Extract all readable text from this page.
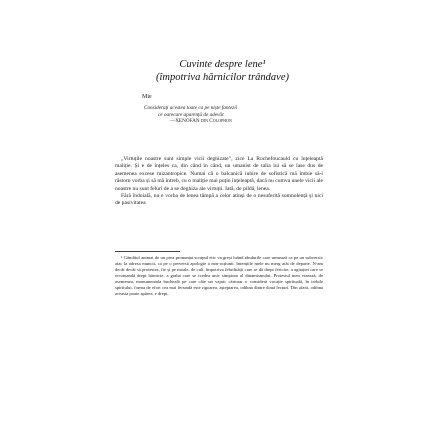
Cuvinte despre lene¹
(împotriva hărnicilor trândave)
Mie
Considerați acestea toate ca pe niște fantezii
ce oarecare aparență de adevăr.
—XENOFAN din Colophon

„Virtuțile noastre sunt simple vicii deghizate”, zice La Rochefoucauld cu înțeleaptă maliție. Și e de înțeles ca, din când în când, un umanist de talia lui să se lase dus de asemenea excese mizantropice. Numai că o balcanică iubire de sofistică mă îmbie să-i răstorn vorba și să mă întreb, cu o maliție mai puțin înțeleaptă, dacă nu cumva unele vicii ale noastre nu sunt feluri de a se deghiza ale virtuții. Iată, de pildă, lenea.

Fără îndoială, nu e vorba de lenea tâmpă a celor atinși de o nesuferită somnolență și nici de pasivitatea

¹ Gânditul animat de un prea pronunțat scrupul etic va greși luând rândurile care urmează ca pe un subversiv atac la adresa muncii, ca pe o perversă apologie a non-acțiunii. Intențiile mele nu merg atât de departe. N-am decât decât să protestez, fie și pe moale, de cult, împotriva febrilității care se dă drept fericire, a agitației care se recomandă drept hărnicie, a graba care se credea unic simptom al dinamismului. Protestul meu vizează, de asemenea, monumentala bucheală pe care câte un vajnic cărturar o consideră vocație spirituală, în trebile spiritului, forma de efort cea mai fecundă este rigoarea, așteptarea, odihna dintre două lecturi. Din afară, odihna aceasta poate apărea, e drept,
